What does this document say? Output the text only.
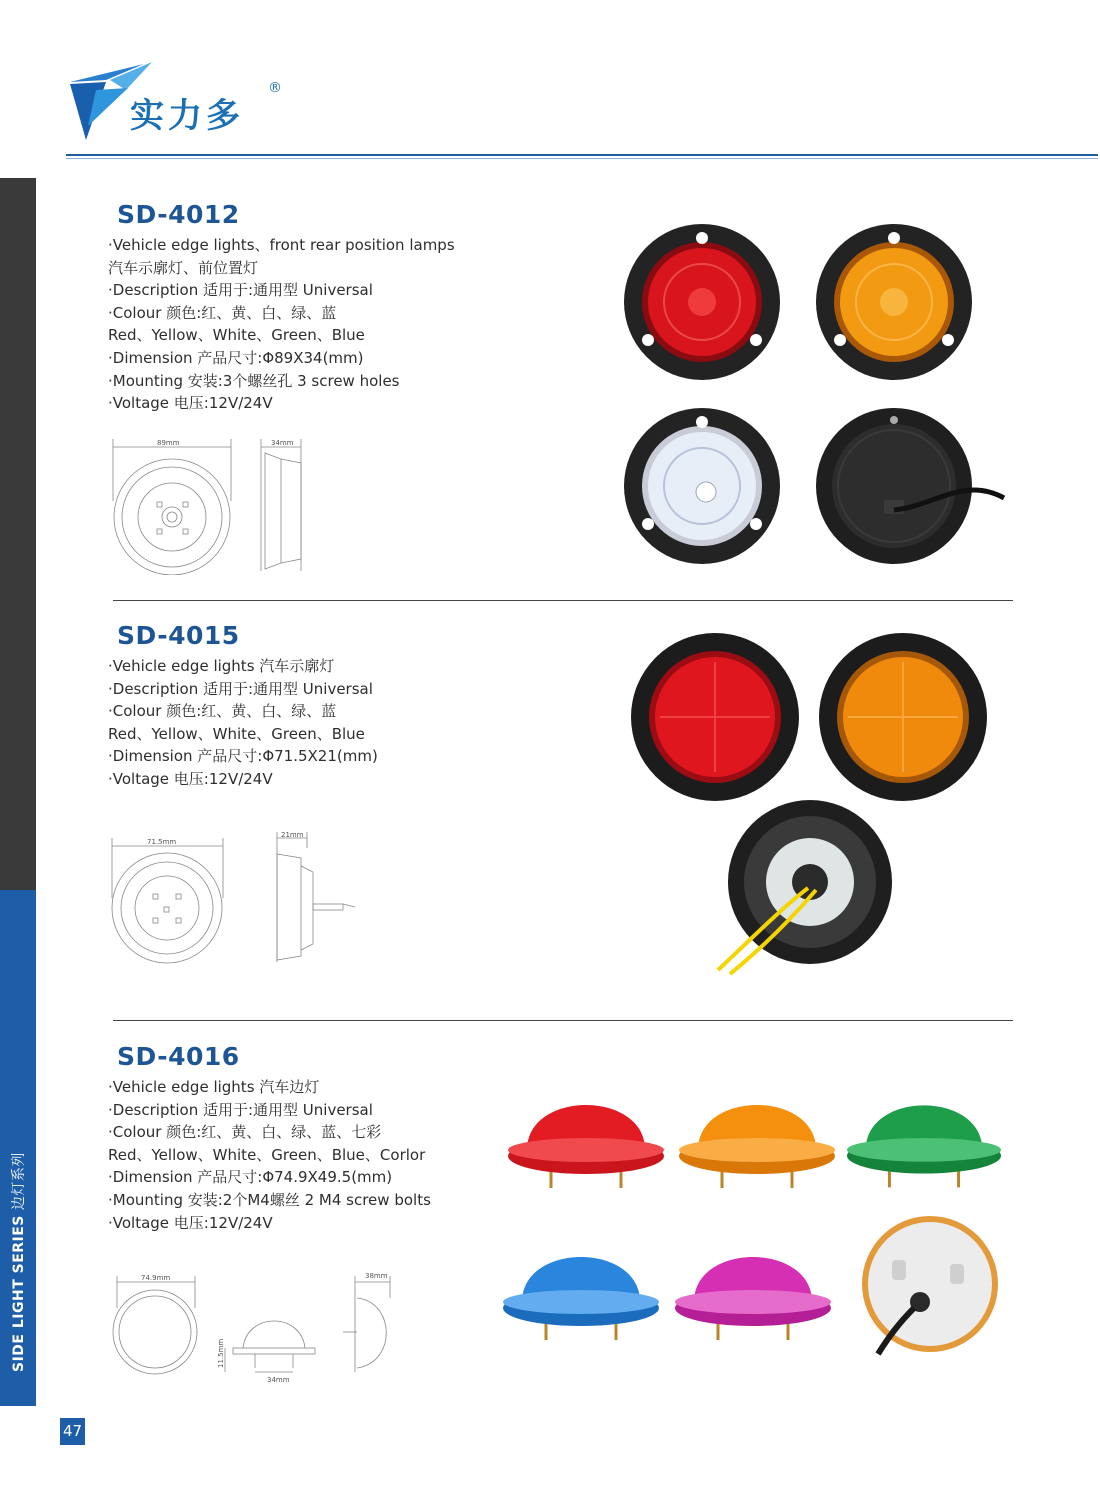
实力多
®
SIDE LIGHT SERIES 边灯系列
47
SD-4012
·Vehicle edge lights、front rear position lamps
汽车示廓灯、前位置灯
·Description 适用于:通用型 Universal
·Colour 颜色:红、黄、白、绿、蓝
Red、Yellow、White、Green、Blue
·Dimension 产品尺寸:Φ89X34(mm)
·Mounting 安装:3个螺丝孔 3 screw holes
·Voltage 电压:12V/24V
89mm	34mm
SD-4015
·Vehicle edge lights 汽车示廓灯
·Description 适用于:通用型 Universal
·Colour 颜色:红、黄、白、绿、蓝
Red、Yellow、White、Green、Blue
·Dimension 产品尺寸:Φ71.5X21(mm)
·Voltage 电压:12V/24V
71.5mm
21mm
SD-4016
·Vehicle edge lights 汽车边灯
·Description 适用于:通用型 Universal
·Colour 颜色:红、黄、白、绿、蓝、七彩
Red、Yellow、White、Green、Blue、Corlor
·Dimension 产品尺寸:Φ74.9X49.5(mm)
·Mounting 安装:2个M4螺丝 2 M4 screw bolts
·Voltage 电压:12V/24V
74.9mm
11.5mm
34mm
38mm
